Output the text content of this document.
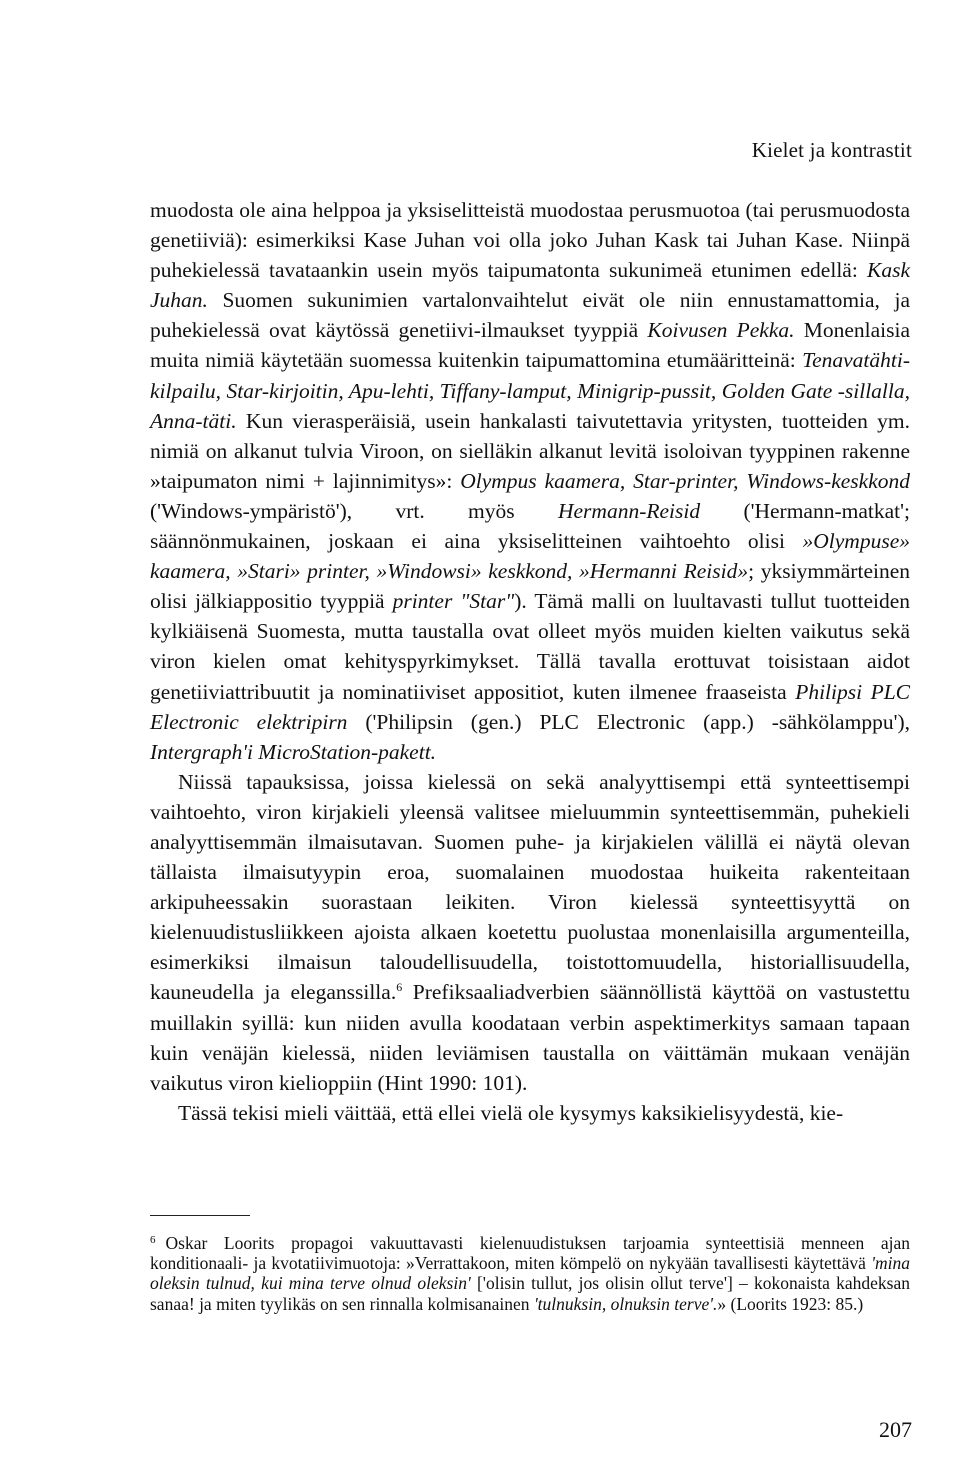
Kielet ja kontrastit

muodosta ole aina helppoa ja yksiselitteistä muodostaa perusmuotoa (tai perusmuodosta genetiiviä): esimerkiksi Kase Juhan voi olla joko Juhan Kask tai Juhan Kase. Niinpä puhekielessä tavataankin usein myös taipumatonta sukunimeä etunimen edellä: Kask Juhan. Suomen sukunimien vartalonvaihtelut eivät ole niin ennustamattomia, ja puhekielessä ovat käytössä genetiivi-ilmaukset tyyppiä Koivusen Pekka. Monenlaisia muita nimiä käytetään suomessa kuitenkin taipumattomina etumääritteinä: Tenavatähti-kilpailu, Star-kirjoitin, Apu-lehti, Tiffany-lamput, Minigrip-pussit, Golden Gate -sillalla, Anna-täti. Kun vierasperäisiä, usein hankalasti taivutettavia yritysten, tuotteiden ym. nimiä on alkanut tulvia Viroon, on sielläkin alkanut levitä isoloivan tyyppinen rakenne »taipumaton nimi + lajinnimitys»: Olympus kaamera, Star-printer, Windows-keskkond ('Windows-ympäristö'), vrt. myös Hermann-Reisid ('Hermann-matkat'; säännönmukainen, joskaan ei aina yksiselitteinen vaihtoehto olisi »Olympuse» kaamera, »Stari» printer, »Windowsi» keskkond, »Hermanni Reisid»; yksiymmärteinen olisi jälkiappositio tyyppiä printer "Star"). Tämä malli on luultavasti tullut tuotteiden kylkiäisenä Suomesta, mutta taustalla ovat olleet myös muiden kielten vaikutus sekä viron kielen omat kehityspyrkimykset. Tällä tavalla erottuvat toisistaan aidot genetiiviattribuutit ja nominatiiviset appositiot, kuten ilmenee fraaseista Philipsi PLC Electronic elektripirn ('Philipsin (gen.) PLC Electronic (app.) -sähkölamppu'), Intergraph'i MicroStation-pakett.

Niissä tapauksissa, joissa kielessä on sekä analyyttisempi että synteettisempi vaihtoehto, viron kirjakieli yleensä valitsee mieluummin synteettisemmän, puhekieli analyyttisemmän ilmaisutavan. Suomen puhe- ja kirjakielen välillä ei näytä olevan tällaista ilmaisutyypin eroa, suomalainen muodostaa huikeita rakenteitaan arkipuheessakin suorastaan leikiten. Viron kielessä synteettisyyttä on kielenuudistusliikkeen ajoista alkaen koetettu puolustaa monenlaisilla argumenteilla, esimerkiksi ilmaisun taloudellisuudella, toistottomuudella, historiallisuudella, kauneudella ja eleganssilla.$^6$ Prefiksaaliadverbien säännöllistä käyttöä on vastustettu muillakin syillä: kun niiden avulla koodataan verbin aspektimerkitys samaan tapaan kuin venäjän kielessä, niiden leviämisen taustalla on väittämän mukaan venäjän vaikutus viron kielioppiin (Hint 1990: 101).

Tässä tekisi mieli väittää, että ellei vielä ole kysymys kaksikielisyydestä, kie-

$^6$ Oskar Loorits propagoi vakuuttavasti kielenuudistuksen tarjoamia synteettisiä menneen ajan konditionaali- ja kvotatiivimuotoja: »Verrattakoon, miten kömpelö on nykyään tavallisesti käytettävä 'mina oleksin tulnud, kui mina terve olnud oleksin' ['olisin tullut, jos olisin ollut terve'] – kokonaista kahdeksan sanaa! ja miten tyylikäs on sen rinnalla kolmisanainen 'tulnuksin, olnuksin terve'.» (Loorits 1923: 85.)
207
